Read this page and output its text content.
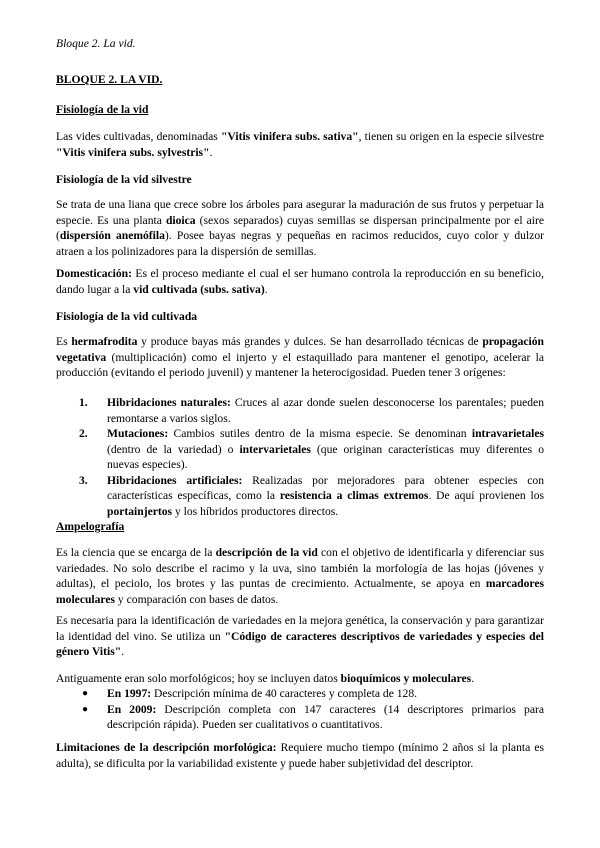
Bloque 2. La vid.

BLOQUE 2. LA VID.

Fisiología de la vid

Las vides cultivadas, denominadas "Vitis vinifera subs. sativa", tienen su origen en la especie silvestre "Vitis vinifera subs. sylvestris".

Fisiología de la vid silvestre

Se trata de una liana que crece sobre los árboles para asegurar la maduración de sus frutos y perpetuar la especie. Es una planta dioica (sexos separados) cuyas semillas se dispersan principalmente por el aire (dispersión anemófila). Posee bayas negras y pequeñas en racimos reducidos, cuyo color y dulzor atraen a los polinizadores para la dispersión de semillas.

Domesticación: Es el proceso mediante el cual el ser humano controla la reproducción en su beneficio, dando lugar a la vid cultivada (subs. sativa).

Fisiología de la vid cultivada

Es hermafrodita y produce bayas más grandes y dulces. Se han desarrollado técnicas de propagación vegetativa (multiplicación) como el injerto y el estaquillado para mantener el genotipo, acelerar la producción (evitando el periodo juvenil) y mantener la heterocigosidad. Pueden tener 3 orígenes:

1. Hibridaciones naturales: Cruces al azar donde suelen desconocerse los parentales; pueden remontarse a varios siglos.
2. Mutaciones: Cambios sutiles dentro de la misma especie. Se denominan intravarietales (dentro de la variedad) o intervarietales (que originan características muy diferentes o nuevas especies).
3. Hibridaciones artificiales: Realizadas por mejoradores para obtener especies con características específicas, como la resistencia a climas extremos. De aquí provienen los portainjertos y los híbridos productores directos.

Ampelografía

Es la ciencia que se encarga de la descripción de la vid con el objetivo de identificarla y diferenciar sus variedades. No solo describe el racimo y la uva, sino también la morfología de las hojas (jóvenes y adultas), el peciolo, los brotes y las puntas de crecimiento. Actualmente, se apoya en marcadores moleculares y comparación con bases de datos.

Es necesaria para la identificación de variedades en la mejora genética, la conservación y para garantizar la identidad del vino. Se utiliza un "Código de caracteres descriptivos de variedades y especies del género Vitis".

Antiguamente eran solo morfológicos; hoy se incluyen datos bioquímicos y moleculares.

● En 1997: Descripción mínima de 40 caracteres y completa de 128.
● En 2009: Descripción completa con 147 caracteres (14 descriptores primarios para descripción rápida). Pueden ser cualitativos o cuantitativos.

Limitaciones de la descripción morfológica: Requiere mucho tiempo (mínimo 2 años si la planta es adulta), se dificulta por la variabilidad existente y puede haber subjetividad del descriptor.
